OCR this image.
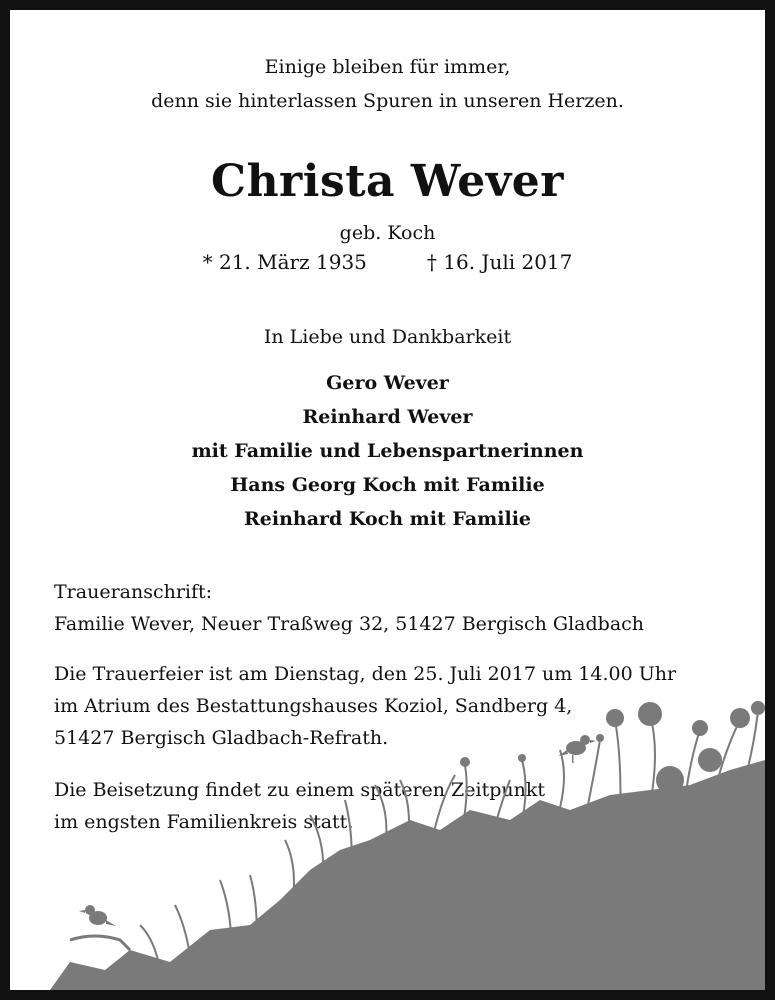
Einige bleiben für immer,
denn sie hinterlassen Spuren in unseren Herzen.
Christa Wever
geb. Koch
* 21. März 1935	† 16. Juli 2017
In Liebe und Dankbarkeit
Gero Wever
Reinhard Wever
mit Familie und Lebenspartnerinnen
Hans Georg Koch mit Familie
Reinhard Koch mit Familie
Traueranschrift:
Familie Wever, Neuer Traßweg 32, 51427 Bergisch Gladbach
Die Trauerfeier ist am Dienstag, den 25. Juli 2017 um 14.00 Uhr
im Atrium des Bestattungshauses Koziol, Sandberg 4,
51427 Bergisch Gladbach-Refrath.
Die Beisetzung findet zu einem späteren Zeitpunkt
im engsten Familienkreis statt.
